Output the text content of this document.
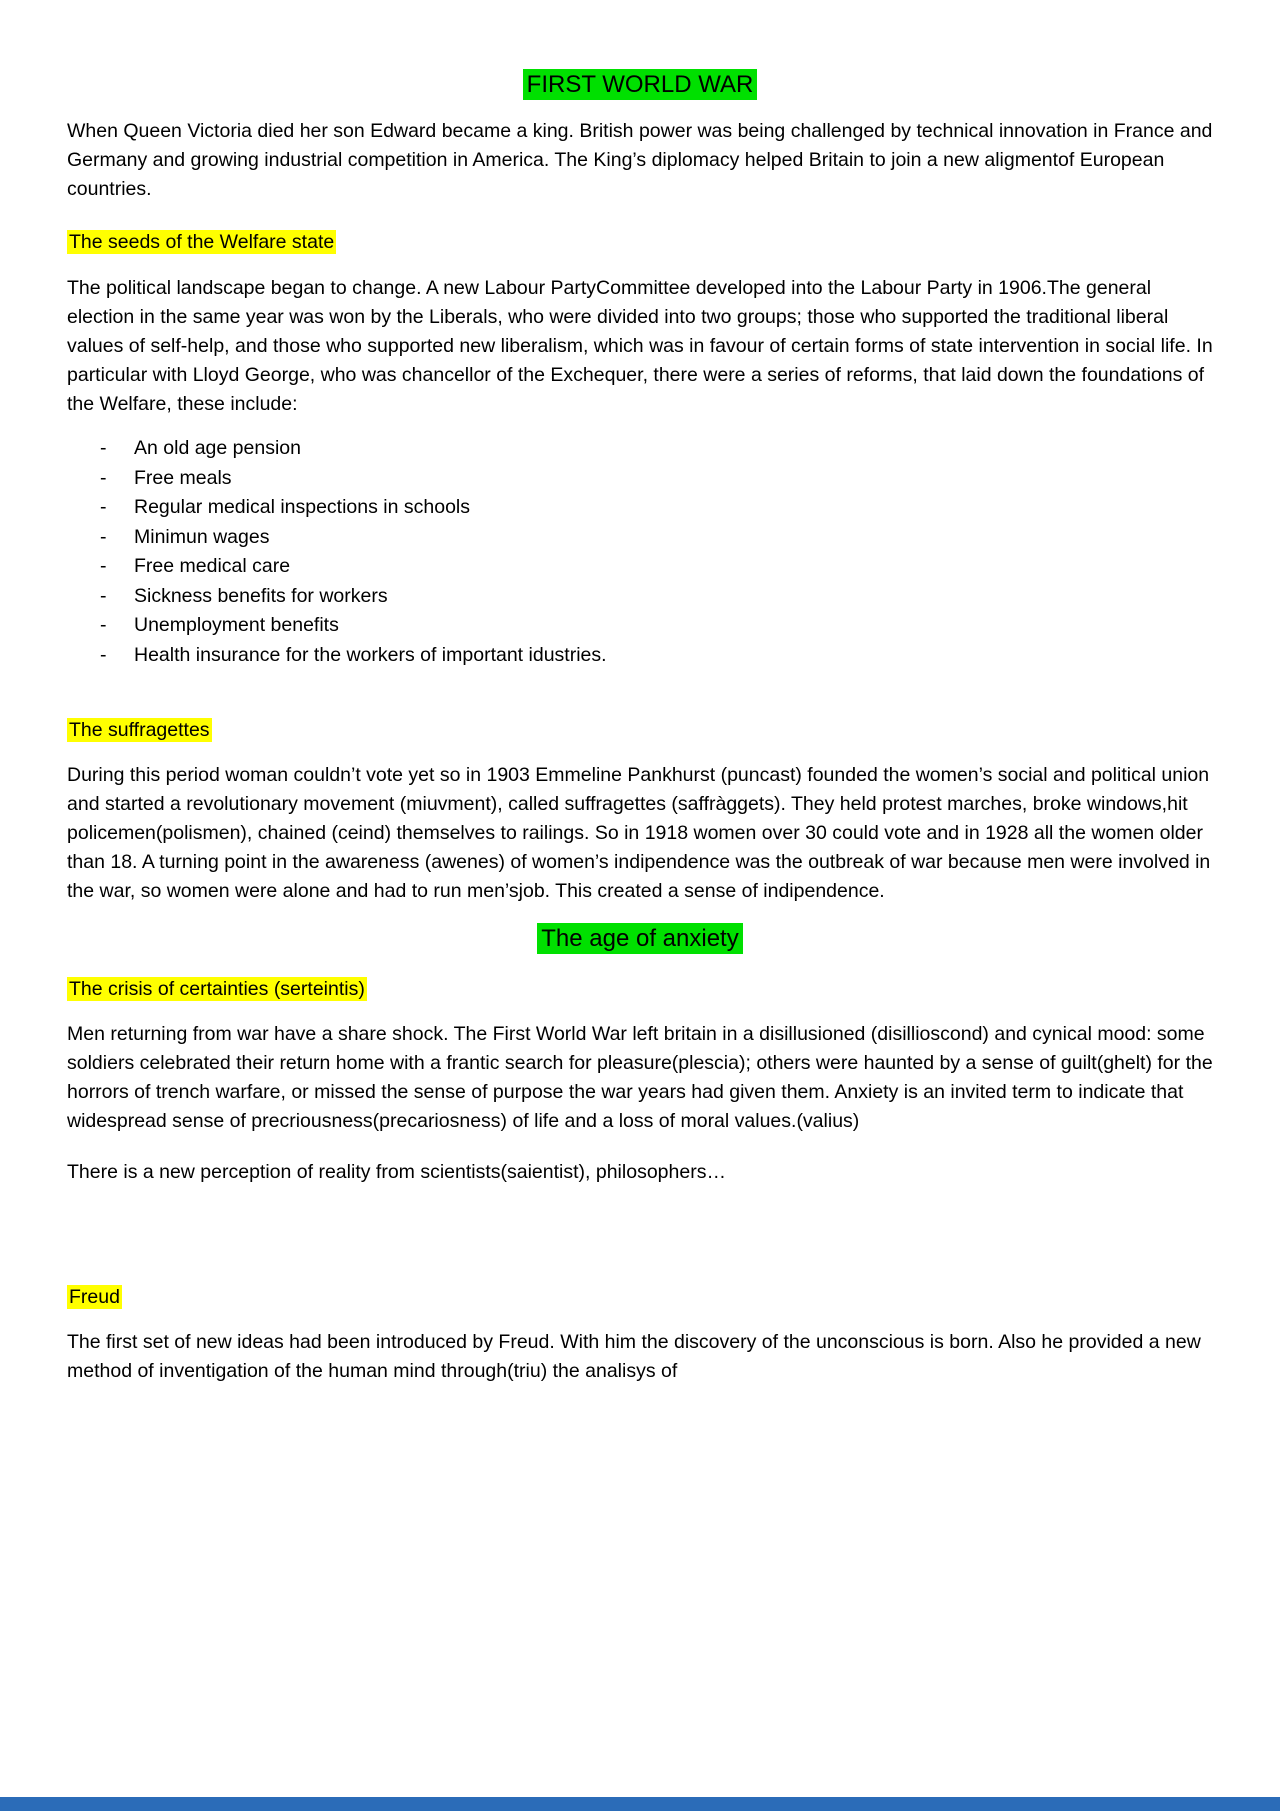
FIRST WORLD WAR

When Queen Victoria died her son Edward became a king. British power was being challenged by technical innovation in France and Germany and growing industrial competition in America. The King’s diplomacy helped Britain to join a new aligmentof European countries.

The seeds of the Welfare state

The political landscape began to change. A new Labour PartyCommittee developed into the Labour Party in 1906.The general election in the same year was won by the Liberals, who were divided into two groups; those who supported the traditional liberal values of self-help, and those who supported new liberalism, which was in favour of certain forms of state intervention in social life. In particular with Lloyd George, who was chancellor of the Exchequer, there were a series of reforms, that laid down the foundations of the Welfare, these include:

-	An old age pension
-	Free meals
-	Regular medical inspections in schools
-	Minimun wages
-	Free medical care
-	Sickness benefits for workers
-	Unemployment benefits
-	Health insurance for the workers of important idustries.

The suffragettes

During this period woman couldn’t vote yet so in 1903 Emmeline Pankhurst (puncast) founded the women’s social and political union and started a revolutionary movement (miuvment), called suffragettes (saffràggets). They held protest marches, broke windows,hit policemen(polismen), chained (ceind) themselves to railings. So in 1918 women over 30 could vote and in 1928 all the women older than 18. A turning point in the awareness (awenes) of women’s indipendence was the outbreak of war because men were involved in the war, so women were alone and had to run men’sjob. This created a sense of indipendence.

The age of anxiety

The crisis of certainties (serteintis)

Men returning from war have a share shock. The First World War left britain in a disillusioned (disillioscond) and cynical mood: some soldiers celebrated their return home with a frantic search for pleasure(plescia); others were haunted by a sense of guilt(ghelt) for the horrors of trench warfare, or missed the sense of purpose the war years had given them. Anxiety is an invited term to indicate that widespread sense of precriousness(precariosness) of life and a loss of moral values.(valius)

There is a new perception of reality from scientists(saientist), philosophers…

Freud

The first set of new ideas had been introduced by Freud. With him the discovery of the unconscious is born. Also he provided a new method of inventigation of the human mind through(triu) the analisys of
